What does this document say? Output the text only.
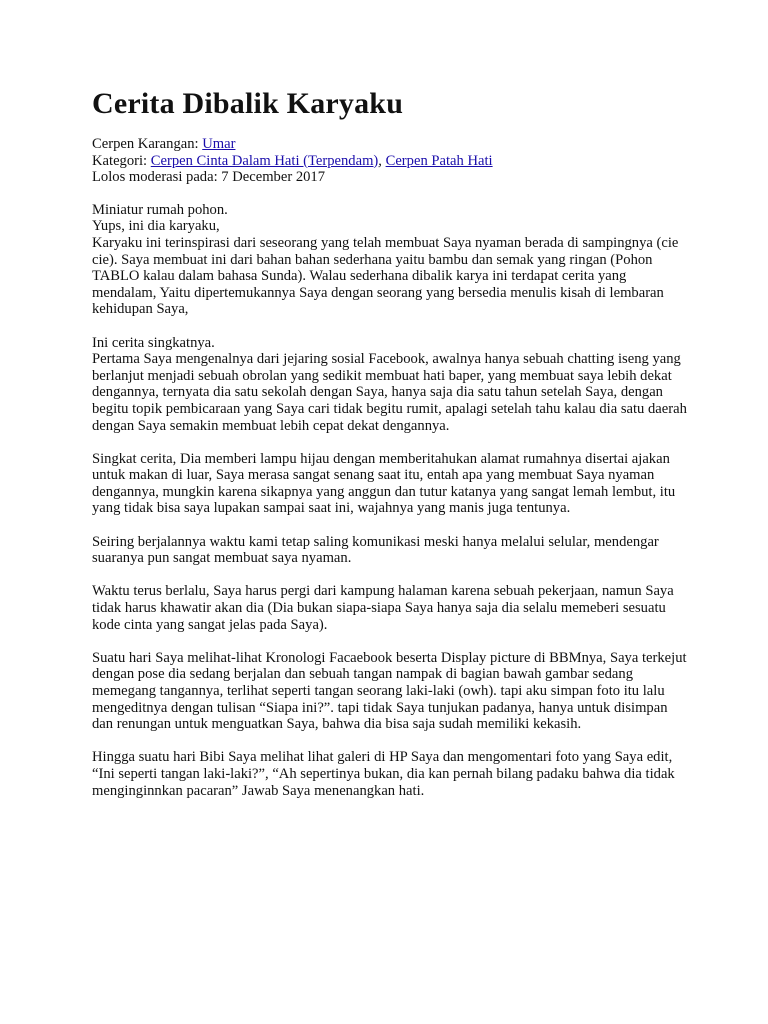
Cerita Dibalik Karyaku
Cerpen Karangan: Umar
Kategori: Cerpen Cinta Dalam Hati (Terpendam), Cerpen Patah Hati
Lolos moderasi pada: 7 December 2017

Miniatur rumah pohon.
Yups, ini dia karyaku,
Karyaku ini terinspirasi dari seseorang yang telah membuat Saya nyaman berada di sampingnya (cie cie). Saya membuat ini dari bahan bahan sederhana yaitu bambu dan semak yang ringan (Pohon TABLO kalau dalam bahasa Sunda). Walau sederhana dibalik karya ini terdapat cerita yang mendalam, Yaitu dipertemukannya Saya dengan seorang yang bersedia menulis kisah di lembaran kehidupan Saya,

Ini cerita singkatnya.
Pertama Saya mengenalnya dari jejaring sosial Facebook, awalnya hanya sebuah chatting iseng yang berlanjut menjadi sebuah obrolan yang sedikit membuat hati baper, yang membuat saya lebih dekat dengannya, ternyata dia satu sekolah dengan Saya, hanya saja dia satu tahun setelah Saya, dengan begitu topik pembicaraan yang Saya cari tidak begitu rumit, apalagi setelah tahu kalau dia satu daerah dengan Saya semakin membuat lebih cepat dekat dengannya.

Singkat cerita, Dia memberi lampu hijau dengan memberitahukan alamat rumahnya disertai ajakan untuk makan di luar, Saya merasa sangat senang saat itu, entah apa yang membuat Saya nyaman dengannya, mungkin karena sikapnya yang anggun dan tutur katanya yang sangat lemah lembut, itu yang tidak bisa saya lupakan sampai saat ini, wajahnya yang manis juga tentunya.

Seiring berjalannya waktu kami tetap saling komunikasi meski hanya melalui selular, mendengar suaranya pun sangat membuat saya nyaman.

Waktu terus berlalu, Saya harus pergi dari kampung halaman karena sebuah pekerjaan, namun Saya tidak harus khawatir akan dia (Dia bukan siapa-siapa Saya hanya saja dia selalu memeberi sesuatu kode cinta yang sangat jelas pada Saya).

Suatu hari Saya melihat-lihat Kronologi Facaebook beserta Display picture di BBMnya, Saya terkejut dengan pose dia sedang berjalan dan sebuah tangan nampak di bagian bawah gambar sedang memegang tangannya, terlihat seperti tangan seorang laki-laki (owh). tapi aku simpan foto itu lalu mengeditnya dengan tulisan “Siapa ini?”. tapi tidak Saya tunjukan padanya, hanya untuk disimpan dan renungan untuk menguatkan Saya, bahwa dia bisa saja sudah memiliki kekasih.

Hingga suatu hari Bibi Saya melihat lihat galeri di HP Saya dan mengomentari foto yang Saya edit, “Ini seperti tangan laki-laki?”, “Ah sepertinya bukan, dia kan pernah bilang padaku bahwa dia tidak menginginnkan pacaran” Jawab Saya menenangkan hati.
